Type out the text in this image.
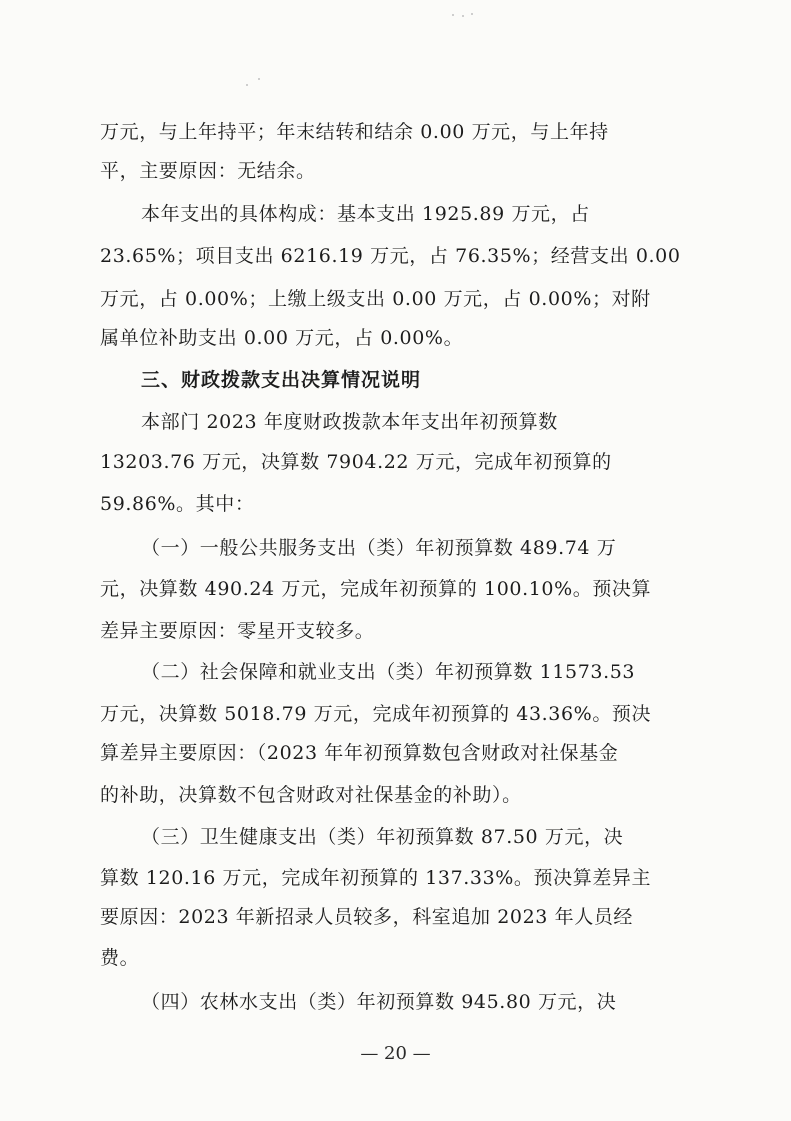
万元，与上年持平；年末结转和结余 0.00 万元，与上年持
平，主要原因：无结余。
本年支出的具体构成：基本支出 1925.89 万元，占
23.65%；项目支出 6216.19 万元，占 76.35%；经营支出 0.00
万元，占 0.00%；上缴上级支出 0.00 万元，占 0.00%；对附
属单位补助支出 0.00 万元，占 0.00%。
三、财政拨款支出决算情况说明
本部门 2023 年度财政拨款本年支出年初预算数
13203.76 万元，决算数 7904.22 万元，完成年初预算的
59.86%。其中：
（一）一般公共服务支出（类）年初预算数 489.74 万
元，决算数 490.24 万元，完成年初预算的 100.10%。预决算
差异主要原因：零星开支较多。
（二）社会保障和就业支出（类）年初预算数 11573.53
万元，决算数 5018.79 万元，完成年初预算的 43.36%。预决
算差异主要原因：（2023 年年初预算数包含财政对社保基金
的补助，决算数不包含财政对社保基金的补助）。
（三）卫生健康支出（类）年初预算数 87.50 万元，决
算数 120.16 万元，完成年初预算的 137.33%。预决算差异主
要原因：2023 年新招录人员较多，科室追加 2023 年人员经
费。
（四）农林水支出（类）年初预算数 945.80 万元，决
— 20 —
